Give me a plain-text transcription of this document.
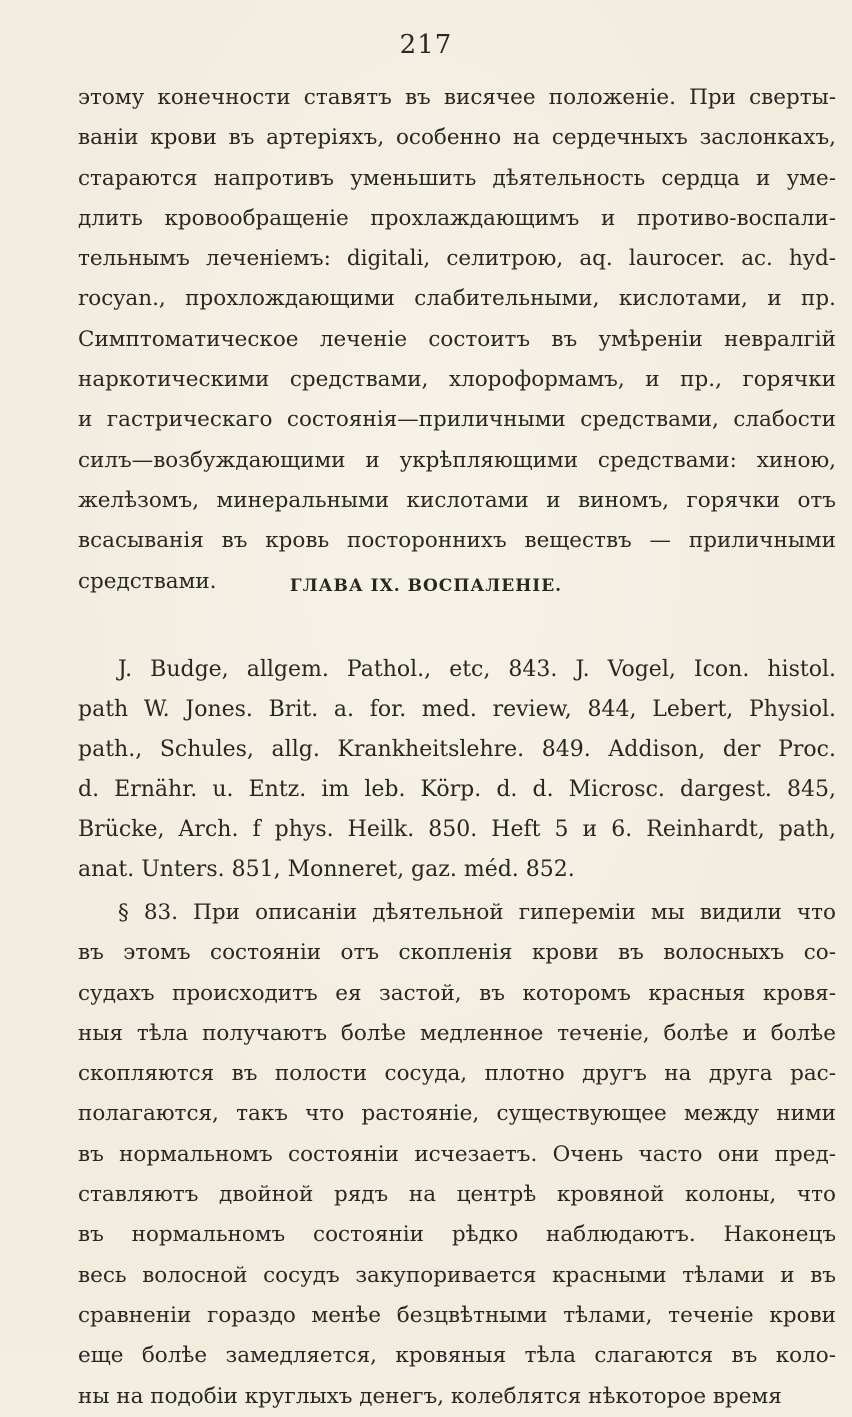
217
этому конечности ставятъ въ висячее положеніе. При сверты-
ваніи крови въ артеріяхъ, особенно на сердечныхъ заслонкахъ,
стараются напротивъ уменьшить дѣятельность сердца и уме-
длить крoвообращеніе прохлаждающимъ и противо-воспали-
тельнымъ леченіемъ: digitali, селитрою, aq. laurocer. ac. hyd-
rocyan., прохлождающими слабительными, кислотами, и пр.
Симптоматическое леченіе состоитъ въ умѣреніи невралгій
наркотическими средствами, хлороформамъ, и пр., горячки
и гастрическаго состоянія—приличными средствами, слабости
силъ—возбуждающими и укрѣпляющими средствами: хиною,
желѣзомъ, минеральными кислотами и виномъ, горячки отъ
всасыванія въ кровь постороннихъ веществъ — приличными
средствами.	ГЛАВА IX. ВОСПАЛЕНІЕ.
J. Budge, allgem. Pathol., etc, 843. J. Vogel, Icon. histol.
path W. Jones. Brit. a. for. med. review, 844, Lebert, Physiol.
path., Schules, allg. Krankheitslehre. 849. Addison, der Proc.
d. Ernähr. u. Entz. im leb. Körp. d. d. Microsc. dargest. 845,
Brücke, Arch. f phys. Heilk. 850. Heft 5 и 6. Reinhardt, path,
anat. Unters. 851, Monneret, gaz. méd. 852.
§ 83. При описаніи дѣятельной гипереміи мы видили что
въ этомъ состояніи отъ скопленія крови въ волосныхъ со-
судахъ происходитъ ея застой, въ которомъ красныя кровя-
ныя тѣла получаютъ болѣе медленное теченіе, болѣе и болѣе
скопляются въ полости сосуда, плотно другъ на друга рас-
полагаются, такъ что растояніе, существующее между ними
въ нормальномъ состояніи исчезаетъ. Очень часто они пред-
ставляютъ двойной рядъ на центрѣ кровяной колоны, что
въ нормальномъ состояніи рѣдко наблюдаютъ. Наконецъ
весь волосной сосудъ закупоривается красными тѣлами и въ
сравненіи гораздо менѣе безцвѣтными тѣлами, теченіе крови
еще болѣе замедляется, кровяныя тѣла слагаются въ коло-
ны на подобіи круглыхъ денегъ, колеблятся нѣкоторое время
